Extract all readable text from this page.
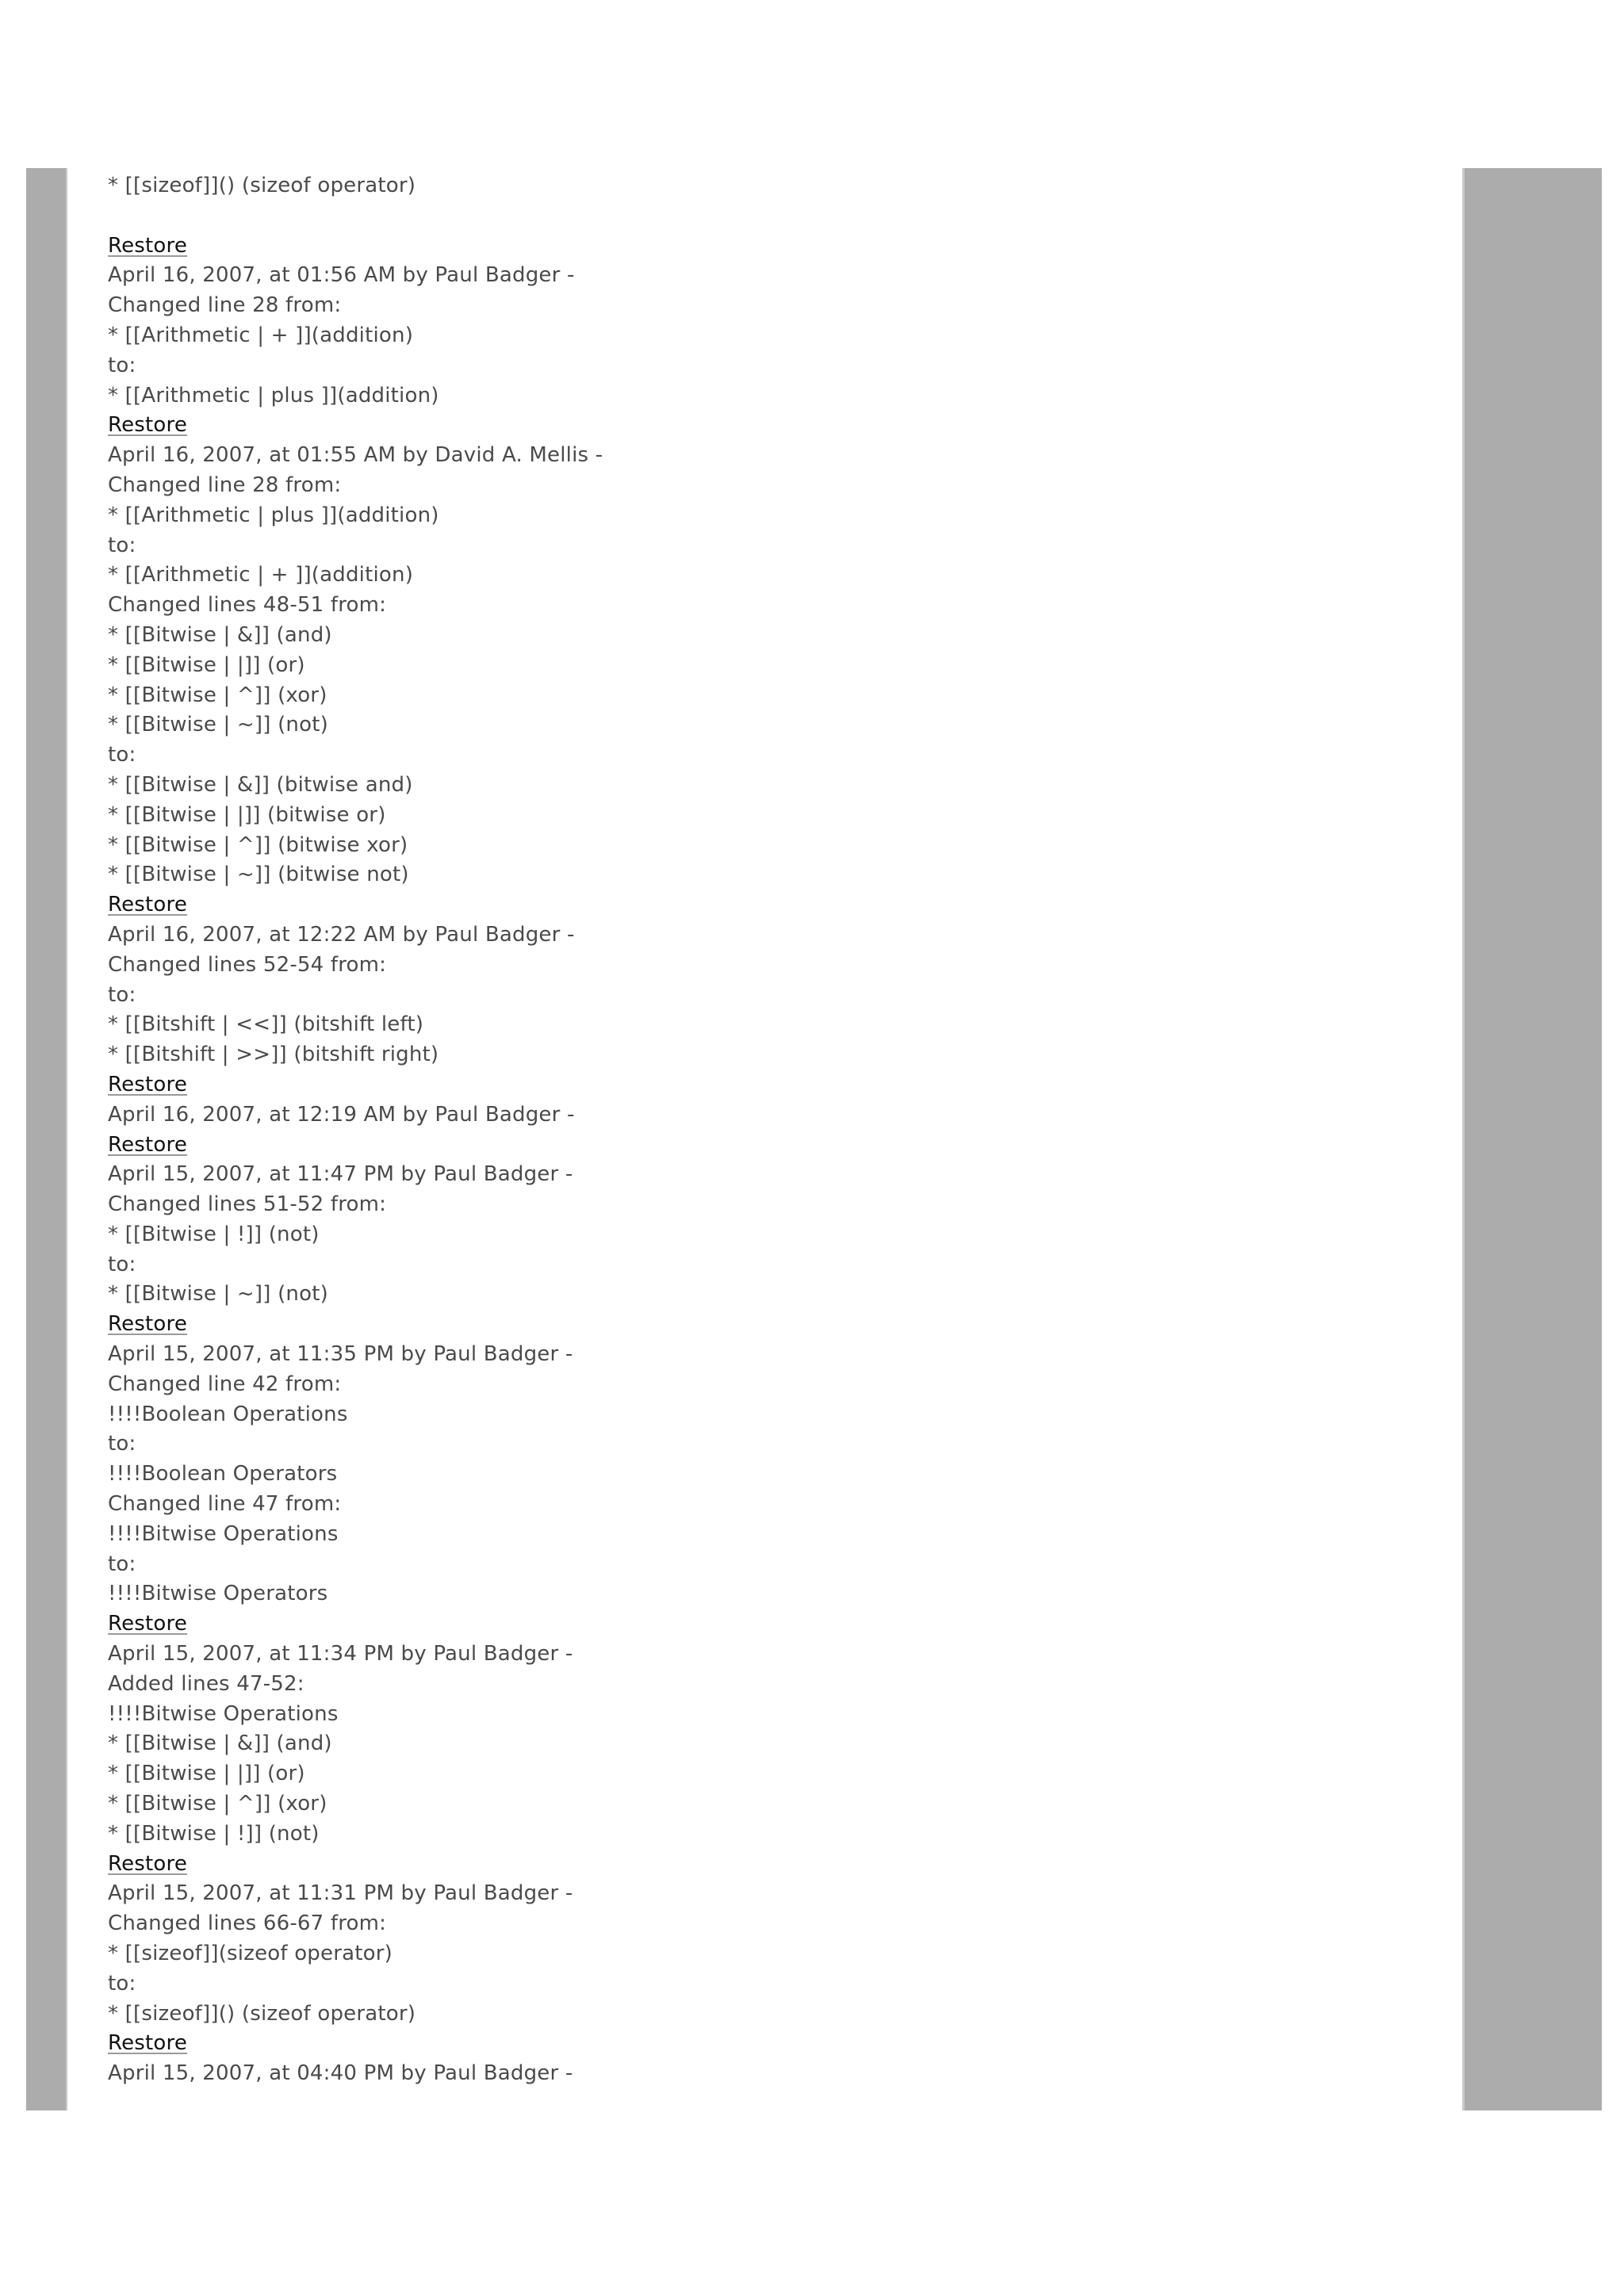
* [[sizeof]]() (sizeof operator)
Restore
April 16, 2007, at 01:56 AM by Paul Badger -
Changed line 28 from:
* [[Arithmetic | + ]](addition)
to:
* [[Arithmetic | plus ]](addition)
Restore
April 16, 2007, at 01:55 AM by David A. Mellis -
Changed line 28 from:
* [[Arithmetic | plus ]](addition)
to:
* [[Arithmetic | + ]](addition)
Changed lines 48-51 from:
* [[Bitwise | &]] (and)
* [[Bitwise | |]] (or)
* [[Bitwise | ^]] (xor)
* [[Bitwise | ~]] (not)
to:
* [[Bitwise | &]] (bitwise and)
* [[Bitwise | |]] (bitwise or)
* [[Bitwise | ^]] (bitwise xor)
* [[Bitwise | ~]] (bitwise not)
Restore
April 16, 2007, at 12:22 AM by Paul Badger -
Changed lines 52-54 from:
to:
* [[Bitshift | <<]] (bitshift left)
* [[Bitshift | >>]] (bitshift right)
Restore
April 16, 2007, at 12:19 AM by Paul Badger -
Restore
April 15, 2007, at 11:47 PM by Paul Badger -
Changed lines 51-52 from:
* [[Bitwise | !]] (not)
to:
* [[Bitwise | ~]] (not)
Restore
April 15, 2007, at 11:35 PM by Paul Badger -
Changed line 42 from:
!!!!Boolean Operations
to:
!!!!Boolean Operators
Changed line 47 from:
!!!!Bitwise Operations
to:
!!!!Bitwise Operators
Restore
April 15, 2007, at 11:34 PM by Paul Badger -
Added lines 47-52:
!!!!Bitwise Operations
* [[Bitwise | &]] (and)
* [[Bitwise | |]] (or)
* [[Bitwise | ^]] (xor)
* [[Bitwise | !]] (not)
Restore
April 15, 2007, at 11:31 PM by Paul Badger -
Changed lines 66-67 from:
* [[sizeof]](sizeof operator)
to:
* [[sizeof]]() (sizeof operator)
Restore
April 15, 2007, at 04:40 PM by Paul Badger -
